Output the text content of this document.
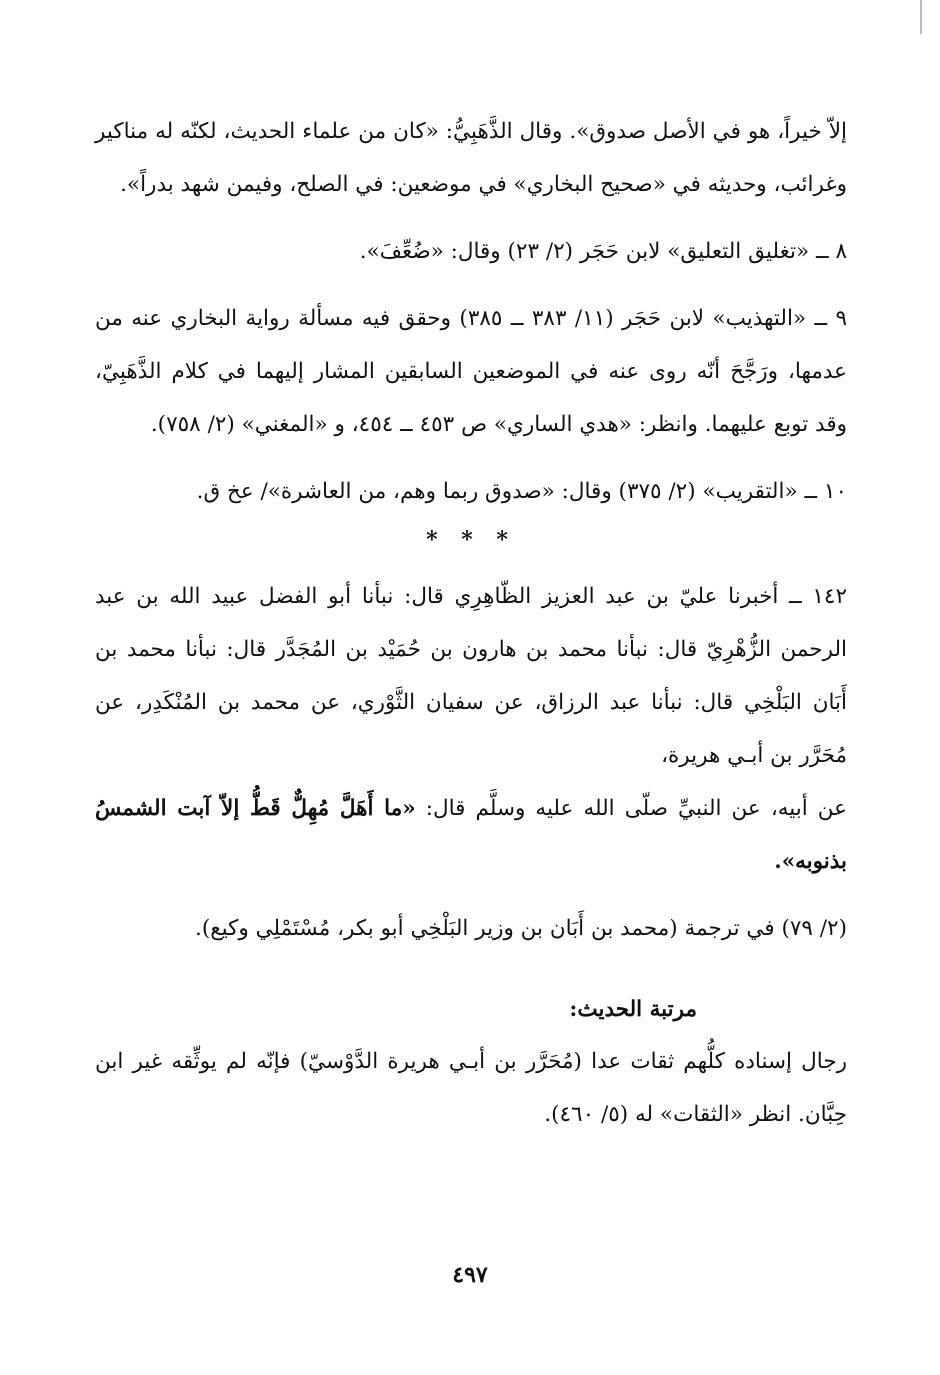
إلاّ خيراً، هو في الأصل صدوق». وقال الذَّهَبِيُّ: «كان من علماء الحديث، لكنّه له مناكير وغرائب، وحديثه في «صحيح البخاري» في موضعين: في الصلح، وفيمن شهد بدراً».

٨ ــ «تغليق التعليق» لابن حَجَر (٢/ ٢٣) وقال: «ضُعِّفَ».

٩ ــ «التهذيب» لابن حَجَر (١١/ ٣٨٣ ــ ٣٨٥) وحقق فيه مسألة رواية البخاري عنه من عدمها، ورَجَّحَ أنّه روى عنه في الموضعين السابقين المشار إليهما في كلام الذَّهَبِيّ، وقد توبع عليهما. وانظر: «هدي الساري» ص ٤٥٣ ــ ٤٥٤، و «المغني» (٢/ ٧٥٨).

١٠ ــ «التقريب» (٢/ ٣٧٥) وقال: «صدوق ربما وهم، من العاشرة»/ عخ ق.

* * *

١٤٢ ــ أخبرنا عليّ بن عبد العزيز الظّاهِرِي قال: نبأنا أبو الفضل عبيد الله بن عبد الرحمن الزُّهْرِيّ قال: نبأنا محمد بن هارون بن حُمَيْد بن المُجَدَّر قال: نبأنا محمد بن أَبَان البَلْخِي قال: نبأنا عبد الرزاق، عن سفيان الثَّوْري، عن محمد بن المُنْكَدِر، عن مُحَرَّر بن أبـي هريرة،

عن أبيه، عن النبيِّ صلّى الله عليه وسلَّم قال: «ما أَهَلَّ مُهِلٌّ قَطُّ إلاّ آبت الشمسُ بذنوبه».

(٢/ ٧٩) في ترجمة (محمد بن أَبَان بن وزير البَلْخِي أبو بكر، مُسْتَمْلِي وكيع).

مرتبة الحديث:

رجال إسناده كلُّهم ثقات عدا (مُحَرَّر بن أبـي هريرة الدَّوْسيّ) فإنّه لم يوثِّقه غير ابن حِبَّان. انظر «الثقات» له (٥/ ٤٦٠).

٤٩٧
